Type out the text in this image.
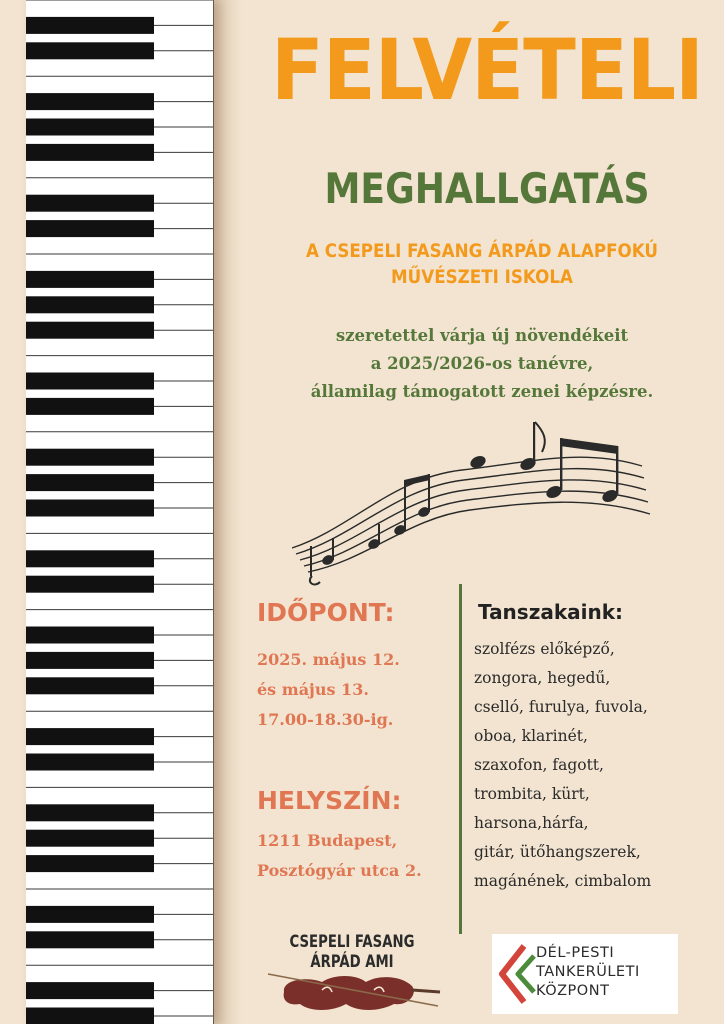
FELVÉTELI
MEGHALLGATÁS
A CSEPELI FASANG ÁRPÁD ALAPFOKÚ
MŰVÉSZETI ISKOLA
szeretettel várja új növendékeit
a 2025/2026-os tanévre,
államilag támogatott zenei képzésre.
IDŐPONT:
2025. május 12.
és május 13.
17.00-18.30-ig.
HELYSZÍN:
1211 Budapest,
Posztógyár utca 2.
Tanszakaink:
szolfézs előképző,
zongora, hegedű,
cselló, furulya, fuvola,
oboa, klarinét,
szaxofon, fagott,
trombita, kürt,
harsona,hárfa,
gitár, ütőhangszerek,
magánének, cimbalom
CSEPELI FASANG ÁRPÁD AMI	DÉL-PESTI
TANKERÜLETI
KÖZPONT
